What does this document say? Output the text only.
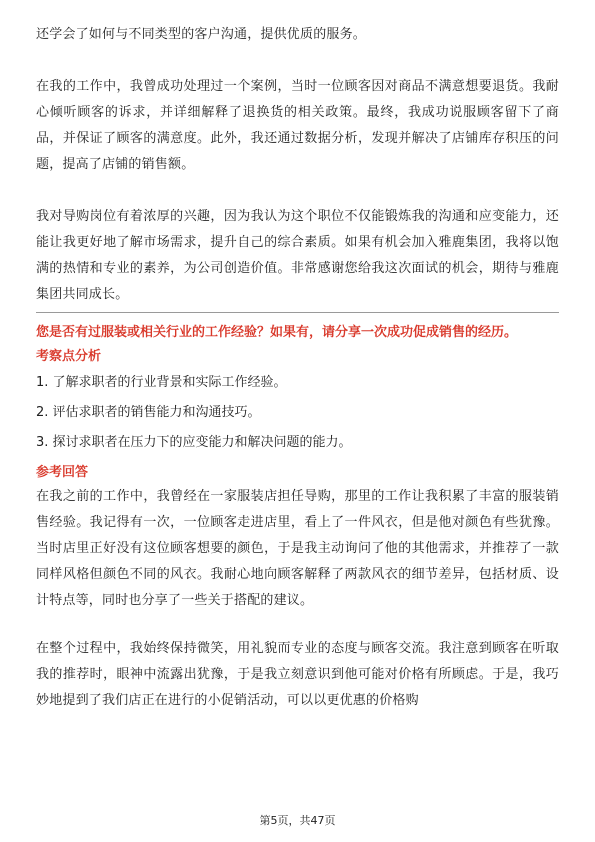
还学会了如何与不同类型的客户沟通，提供优质的服务。

在我的工作中，我曾成功处理过一个案例，当时一位顾客因对商品不满意想要退货。我耐心倾听顾客的诉求，并详细解释了退换货的相关政策。最终，我成功说服顾客留下了商品，并保证了顾客的满意度。此外，我还通过数据分析，发现并解决了店铺库存积压的问题，提高了店铺的销售额。

我对导购岗位有着浓厚的兴趣，因为我认为这个职位不仅能锻炼我的沟通和应变能力，还能让我更好地了解市场需求，提升自己的综合素质。如果有机会加入雅鹿集团，我将以饱满的热情和专业的素养，为公司创造价值。非常感谢您给我这次面试的机会，期待与雅鹿集团共同成长。

您是否有过服装或相关行业的工作经验？如果有，请分享一次成功促成销售的经历。

考察点分析

1. 了解求职者的行业背景和实际工作经验。

2. 评估求职者的销售能力和沟通技巧。

3. 探讨求职者在压力下的应变能力和解决问题的能力。

参考回答

在我之前的工作中，我曾经在一家服装店担任导购，那里的工作让我积累了丰富的服装销售经验。我记得有一次，一位顾客走进店里，看上了一件风衣，但是他对颜色有些犹豫。当时店里正好没有这位顾客想要的颜色，于是我主动询问了他的其他需求，并推荐了一款同样风格但颜色不同的风衣。我耐心地向顾客解释了两款风衣的细节差异，包括材质、设计特点等，同时也分享了一些关于搭配的建议。

在整个过程中，我始终保持微笑，用礼貌而专业的态度与顾客交流。我注意到顾客在听取我的推荐时，眼神中流露出犹豫，于是我立刻意识到他可能对价格有所顾虑。于是，我巧妙地提到了我们店正在进行的小促销活动，可以以更优惠的价格购

第5页，共47页
